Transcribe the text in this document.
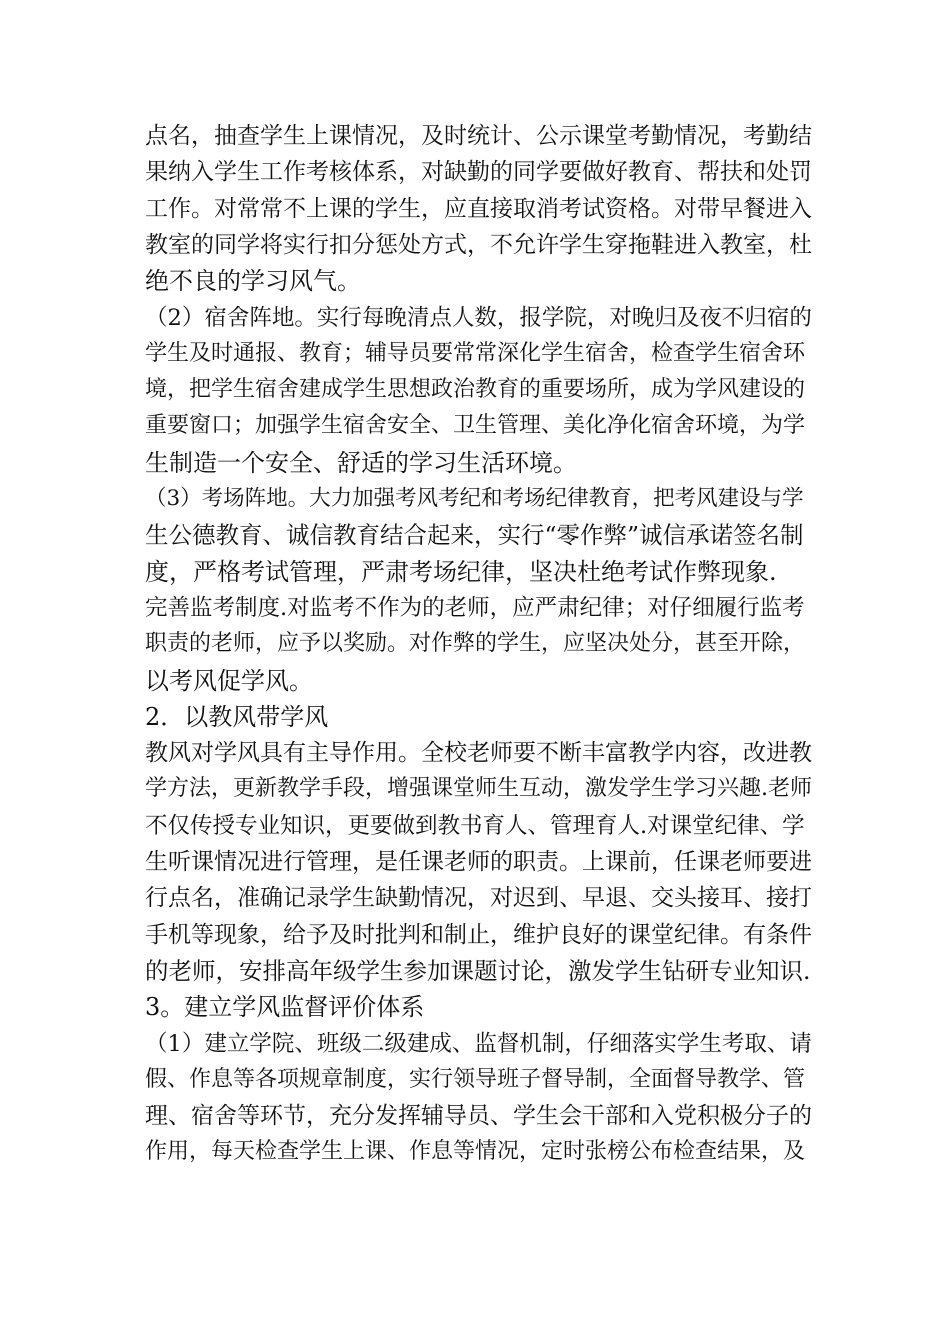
点名，抽查学生上课情况，及时统计、公示课堂考勤情况，考勤结
果纳入学生工作考核体系，对缺勤的同学要做好教育、帮扶和处罚
工作。对常常不上课的学生，应直接取消考试资格。对带早餐进入
教室的同学将实行扣分惩处方式，不允许学生穿拖鞋进入教室，杜
绝不良的学习风气。
（2）宿舍阵地。实行每晚清点人数，报学院，对晚归及夜不归宿的
学生及时通报、教育；辅导员要常常深化学生宿舍，检查学生宿舍环
境，把学生宿舍建成学生思想政治教育的重要场所，成为学风建设的
重要窗口；加强学生宿舍安全、卫生管理、美化净化宿舍环境，为学
生制造一个安全、舒适的学习生活环境。
（3）考场阵地。大力加强考风考纪和考场纪律教育，把考风建设与学
生公德教育、诚信教育结合起来，实行“零作弊”诚信承诺签名制
度，严格考试管理，严肃考场纪律，坚决杜绝考试作弊现象.
完善监考制度.对监考不作为的老师，应严肃纪律；对仔细履行监考
职责的老师，应予以奖励。对作弊的学生，应坚决处分，甚至开除，
以考风促学风。
2．以教风带学风
教风对学风具有主导作用。全校老师要不断丰富教学内容，改进教
学方法，更新教学手段，增强课堂师生互动，激发学生学习兴趣.老师
不仅传授专业知识，更要做到教书育人、管理育人.对课堂纪律、学
生听课情况进行管理，是任课老师的职责。上课前，任课老师要进
行点名，准确记录学生缺勤情况，对迟到、早退、交头接耳、接打
手机等现象，给予及时批判和制止，维护良好的课堂纪律。有条件
的老师，安排高年级学生参加课题讨论，激发学生钻研专业知识.
3。建立学风监督评价体系
（1）建立学院、班级二级建成、监督机制，仔细落实学生考取、请
假、作息等各项规章制度，实行领导班子督导制，全面督导教学、管
理、宿舍等环节，充分发挥辅导员、学生会干部和入党积极分子的
作用，每天检查学生上课、作息等情况，定时张榜公布检查结果，及
